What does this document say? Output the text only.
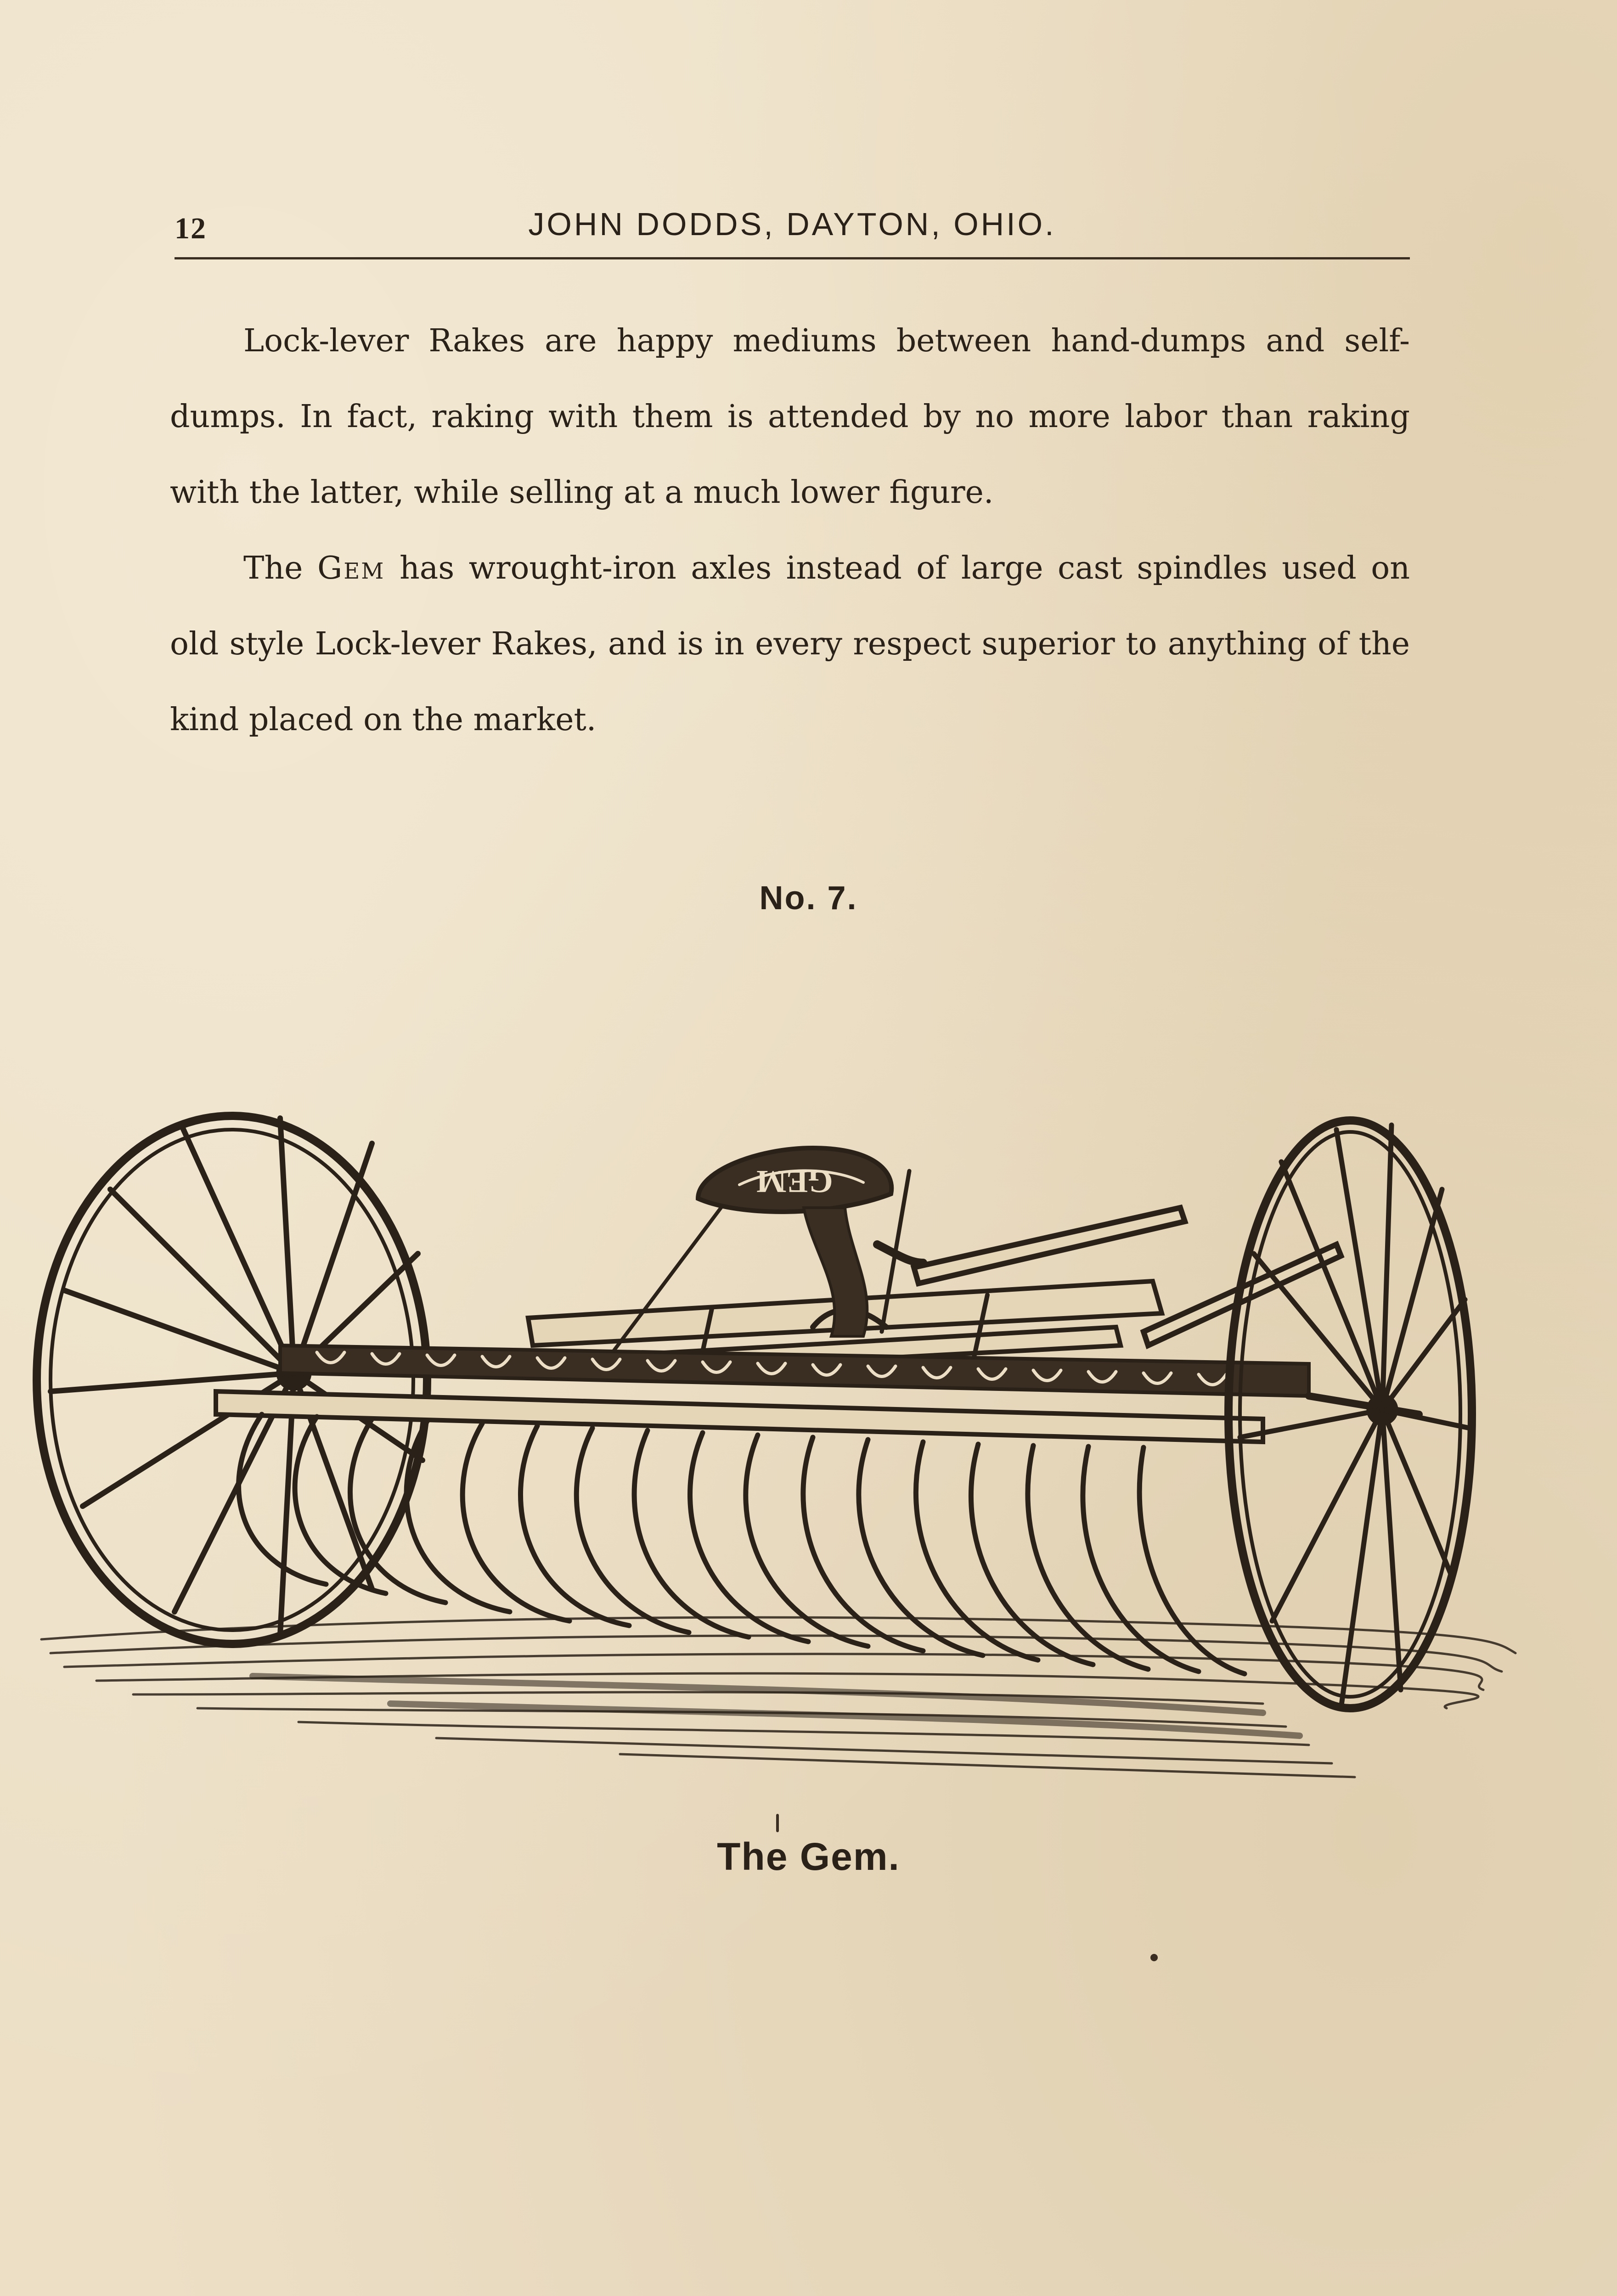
12	JOHN DODDS, DAYTON, OHIO.

Lock-lever Rakes are happy mediums between hand-dumps and self-dumps. In fact, raking with them is attended by no more labor than raking with the latter, while selling at a much lower figure.

The Gem has wrought-iron axles instead of large cast spindles used on old style Lock-lever Rakes, and is in every respect superior to anything of the kind placed on the market.

No. 7.
GEM
The Gem.
